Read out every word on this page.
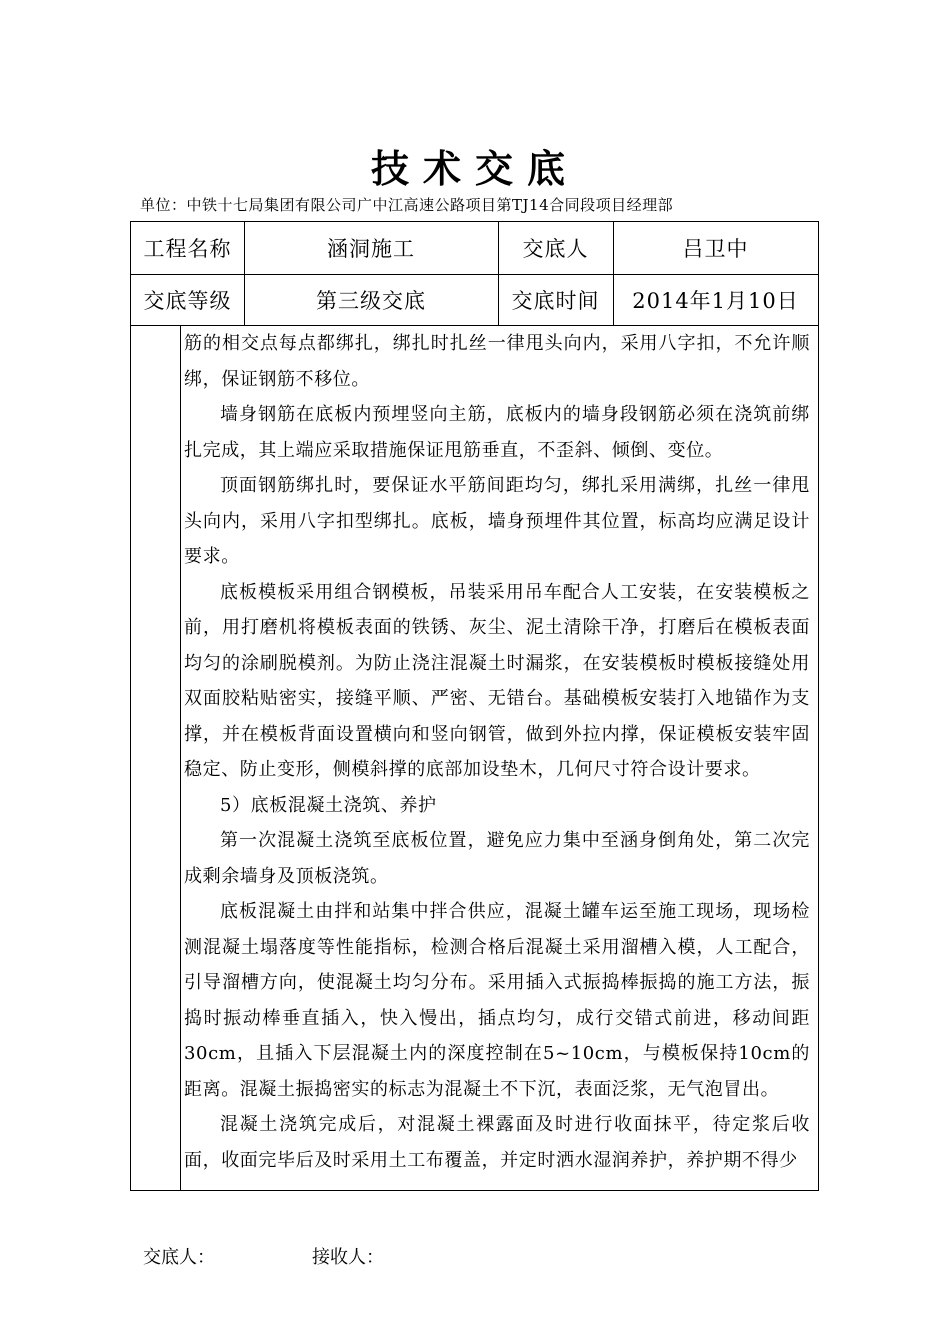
技术交底
单位：中铁十七局集团有限公司广中江高速公路项目第TJ14合同段项目经理部
工程名称	涵洞施工	交底人	吕卫中
交底等级	第三级交底	交底时间	2014年1月10日

筋的相交点每点都绑扎，绑扎时扎丝一律甩头向内，采用八字扣，不允许顺绑，保证钢筋不移位。

墙身钢筋在底板内预埋竖向主筋，底板内的墙身段钢筋必须在浇筑前绑扎完成，其上端应采取措施保证甩筋垂直，不歪斜、倾倒、变位。

顶面钢筋绑扎时，要保证水平筋间距均匀，绑扎采用满绑，扎丝一律甩头向内，采用八字扣型绑扎。底板，墙身预埋件其位置，标高均应满足设计要求。

底板模板采用组合钢模板，吊装采用吊车配合人工安装，在安装模板之前，用打磨机将模板表面的铁锈、灰尘、泥土清除干净，打磨后在模板表面均匀的涂刷脱模剂。为防止浇注混凝土时漏浆，在安装模板时模板接缝处用双面胶粘贴密实，接缝平顺、严密、无错台。基础模板安装打入地锚作为支撑，并在模板背面设置横向和竖向钢管，做到外拉内撑，保证模板安装牢固稳定、防止变形，侧模斜撑的底部加设垫木，几何尺寸符合设计要求。

5）底板混凝土浇筑、养护

第一次混凝土浇筑至底板位置，避免应力集中至涵身倒角处，第二次完成剩余墙身及顶板浇筑。

底板混凝土由拌和站集中拌合供应，混凝土罐车运至施工现场，现场检测混凝土塌落度等性能指标，检测合格后混凝土采用溜槽入模，人工配合，引导溜槽方向，使混凝土均匀分布。采用插入式振捣棒振捣的施工方法，振捣时振动棒垂直插入，快入慢出，插点均匀，成行交错式前进，移动间距30cm，且插入下层混凝土内的深度控制在5~10cm，与模板保持10cm的距离。混凝土振捣密实的标志为混凝土不下沉，表面泛浆，无气泡冒出。

混凝土浇筑完成后，对混凝土裸露面及时进行收面抹平，待定浆后收面，收面完毕后及时采用土工布覆盖，并定时洒水湿润养护，养护期不得少

交底人：	接收人：
